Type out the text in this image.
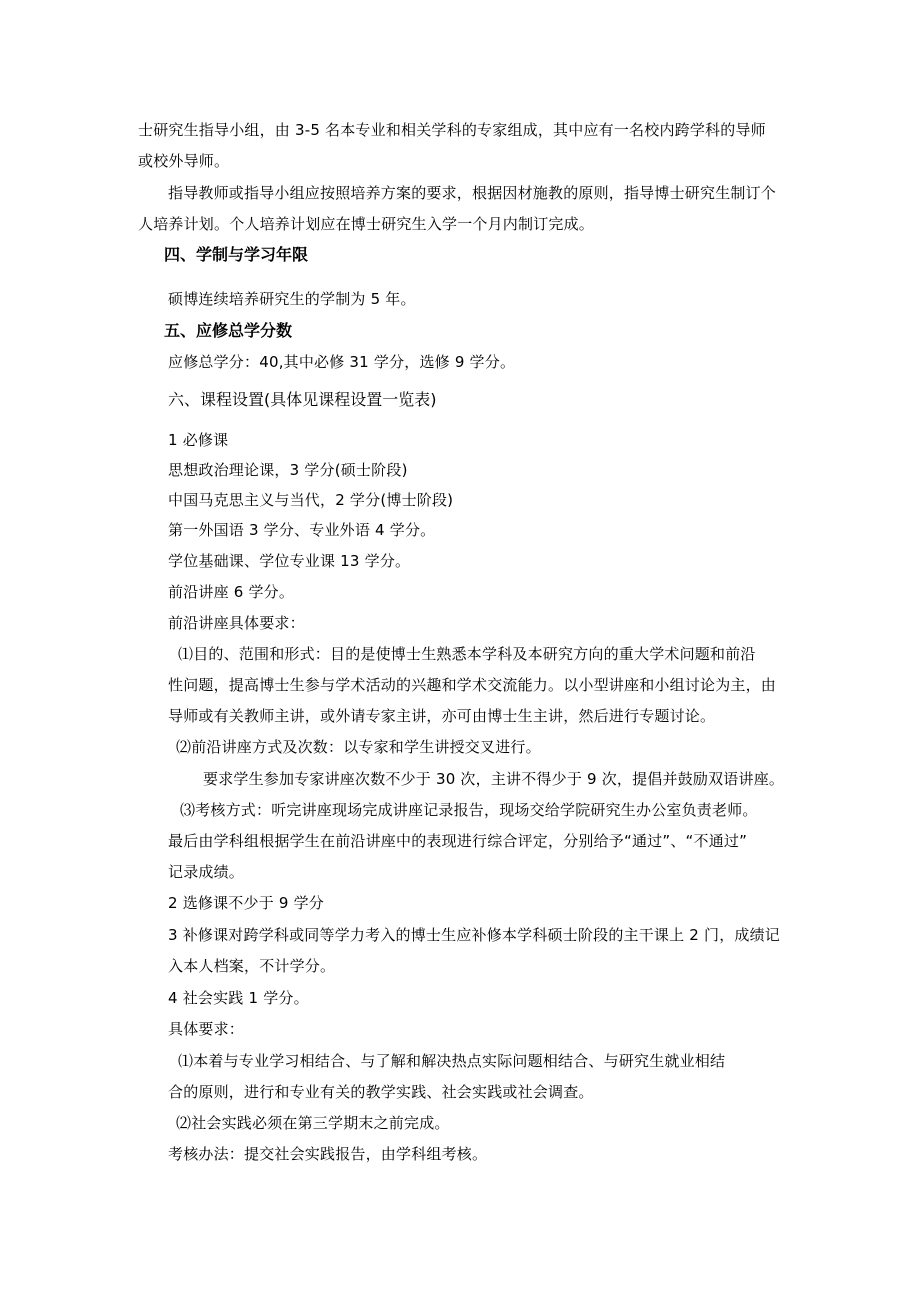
士研究生指导小组，由 3-5 名本专业和相关学科的专家组成，其中应有一名校内跨学科的导师
或校外导师。
指导教师或指导小组应按照培养方案的要求，根据因材施教的原则，指导博士研究生制订个
人培养计划。个人培养计划应在博士研究生入学一个月内制订完成。
四、学制与学习年限
硕博连续培养研究生的学制为 5 年。
五、应修总学分数
应修总学分：40,其中必修 31 学分，选修 9 学分。
六、课程设置(具体见课程设置一览表)
1 必修课
思想政治理论课，3 学分(硕士阶段)
中国马克思主义与当代，2 学分(博士阶段)
第一外国语 3 学分、专业外语 4 学分。
学位基础课、学位专业课 13 学分。
前沿讲座 6 学分。
前沿讲座具体要求：
⑴目的、范围和形式：目的是使博士生熟悉本学科及本研究方向的重大学术问题和前沿
性问题，提高博士生参与学术活动的兴趣和学术交流能力。以小型讲座和小组讨论为主，由
导师或有关教师主讲，或外请专家主讲，亦可由博士生主讲，然后进行专题讨论。
⑵前沿讲座方式及次数：以专家和学生讲授交叉进行。
要求学生参加专家讲座次数不少于 30 次，主讲不得少于 9 次，提倡并鼓励双语讲座。
⑶考核方式：听完讲座现场完成讲座记录报告，现场交给学院研究生办公室负责老师。
最后由学科组根据学生在前沿讲座中的表现进行综合评定，分别给予“通过”、“不通过”
记录成绩。
2 选修课不少于 9 学分
3 补修课对跨学科或同等学力考入的博士生应补修本学科硕士阶段的主干课上 2 门，成绩记
入本人档案，不计学分。
4 社会实践 1 学分。
具体要求：
⑴本着与专业学习相结合、与了解和解决热点实际问题相结合、与研究生就业相结
合的原则，进行和专业有关的教学实践、社会实践或社会调查。
⑵社会实践必须在第三学期末之前完成。
考核办法：提交社会实践报告，由学科组考核。
